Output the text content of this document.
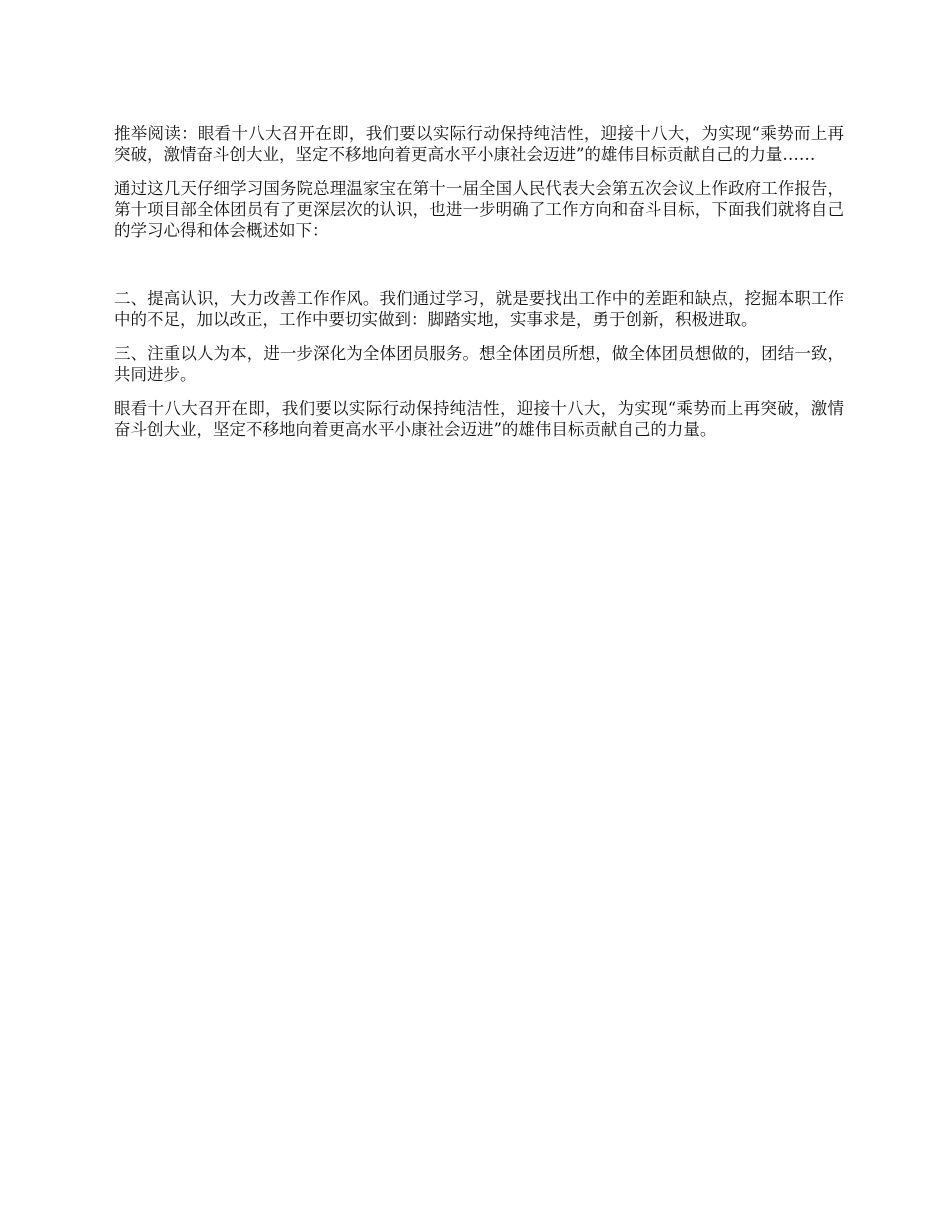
推举阅读：眼看十八大召开在即，我们要以实际行动保持纯洁性，迎接十八大，为实现“乘势而上再突破，激情奋斗创大业，坚定不移地向着更高水平小康社会迈进”的雄伟目标贡献自己的力量……

通过这几天仔细学习国务院总理温家宝在第十一届全国人民代表大会第五次会议上作政府工作报告，第十项目部全体团员有了更深层次的认识，也进一步明确了工作方向和奋斗目标，下面我们就将自己的学习心得和体会概述如下：

二、提高认识，大力改善工作作风。我们通过学习，就是要找出工作中的差距和缺点，挖掘本职工作中的不足，加以改正，工作中要切实做到：脚踏实地，实事求是，勇于创新，积极进取。

三、注重以人为本，进一步深化为全体团员服务。想全体团员所想，做全体团员想做的，团结一致，共同进步。

眼看十八大召开在即，我们要以实际行动保持纯洁性，迎接十八大，为实现“乘势而上再突破，激情奋斗创大业，坚定不移地向着更高水平小康社会迈进”的雄伟目标贡献自己的力量。
